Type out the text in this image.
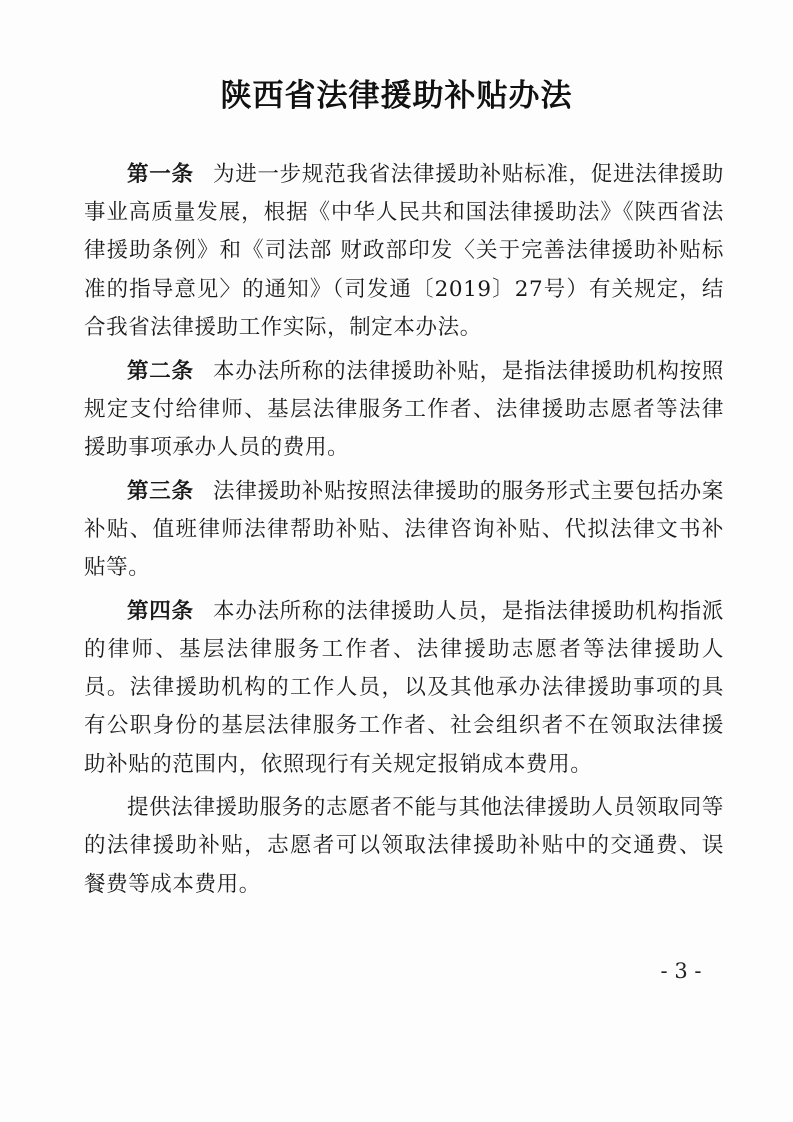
陕西省法律援助补贴办法

第一条 为进一步规范我省法律援助补贴标准，促进法律援助事业高质量发展，根据《中华人民共和国法律援助法》《陕西省法律援助条例》和《司法部 财政部印发〈关于完善法律援助补贴标准的指导意见〉的通知》（司发通〔2019〕27号）有关规定，结合我省法律援助工作实际，制定本办法。

第二条 本办法所称的法律援助补贴，是指法律援助机构按照规定支付给律师、基层法律服务工作者、法律援助志愿者等法律援助事项承办人员的费用。

第三条 法律援助补贴按照法律援助的服务形式主要包括办案补贴、值班律师法律帮助补贴、法律咨询补贴、代拟法律文书补贴等。

第四条 本办法所称的法律援助人员，是指法律援助机构指派的律师、基层法律服务工作者、法律援助志愿者等法律援助人员。法律援助机构的工作人员，以及其他承办法律援助事项的具有公职身份的基层法律服务工作者、社会组织者不在领取法律援助补贴的范围内，依照现行有关规定报销成本费用。

提供法律援助服务的志愿者不能与其他法律援助人员领取同等的法律援助补贴，志愿者可以领取法律援助补贴中的交通费、误餐费等成本费用。

- 3 -
